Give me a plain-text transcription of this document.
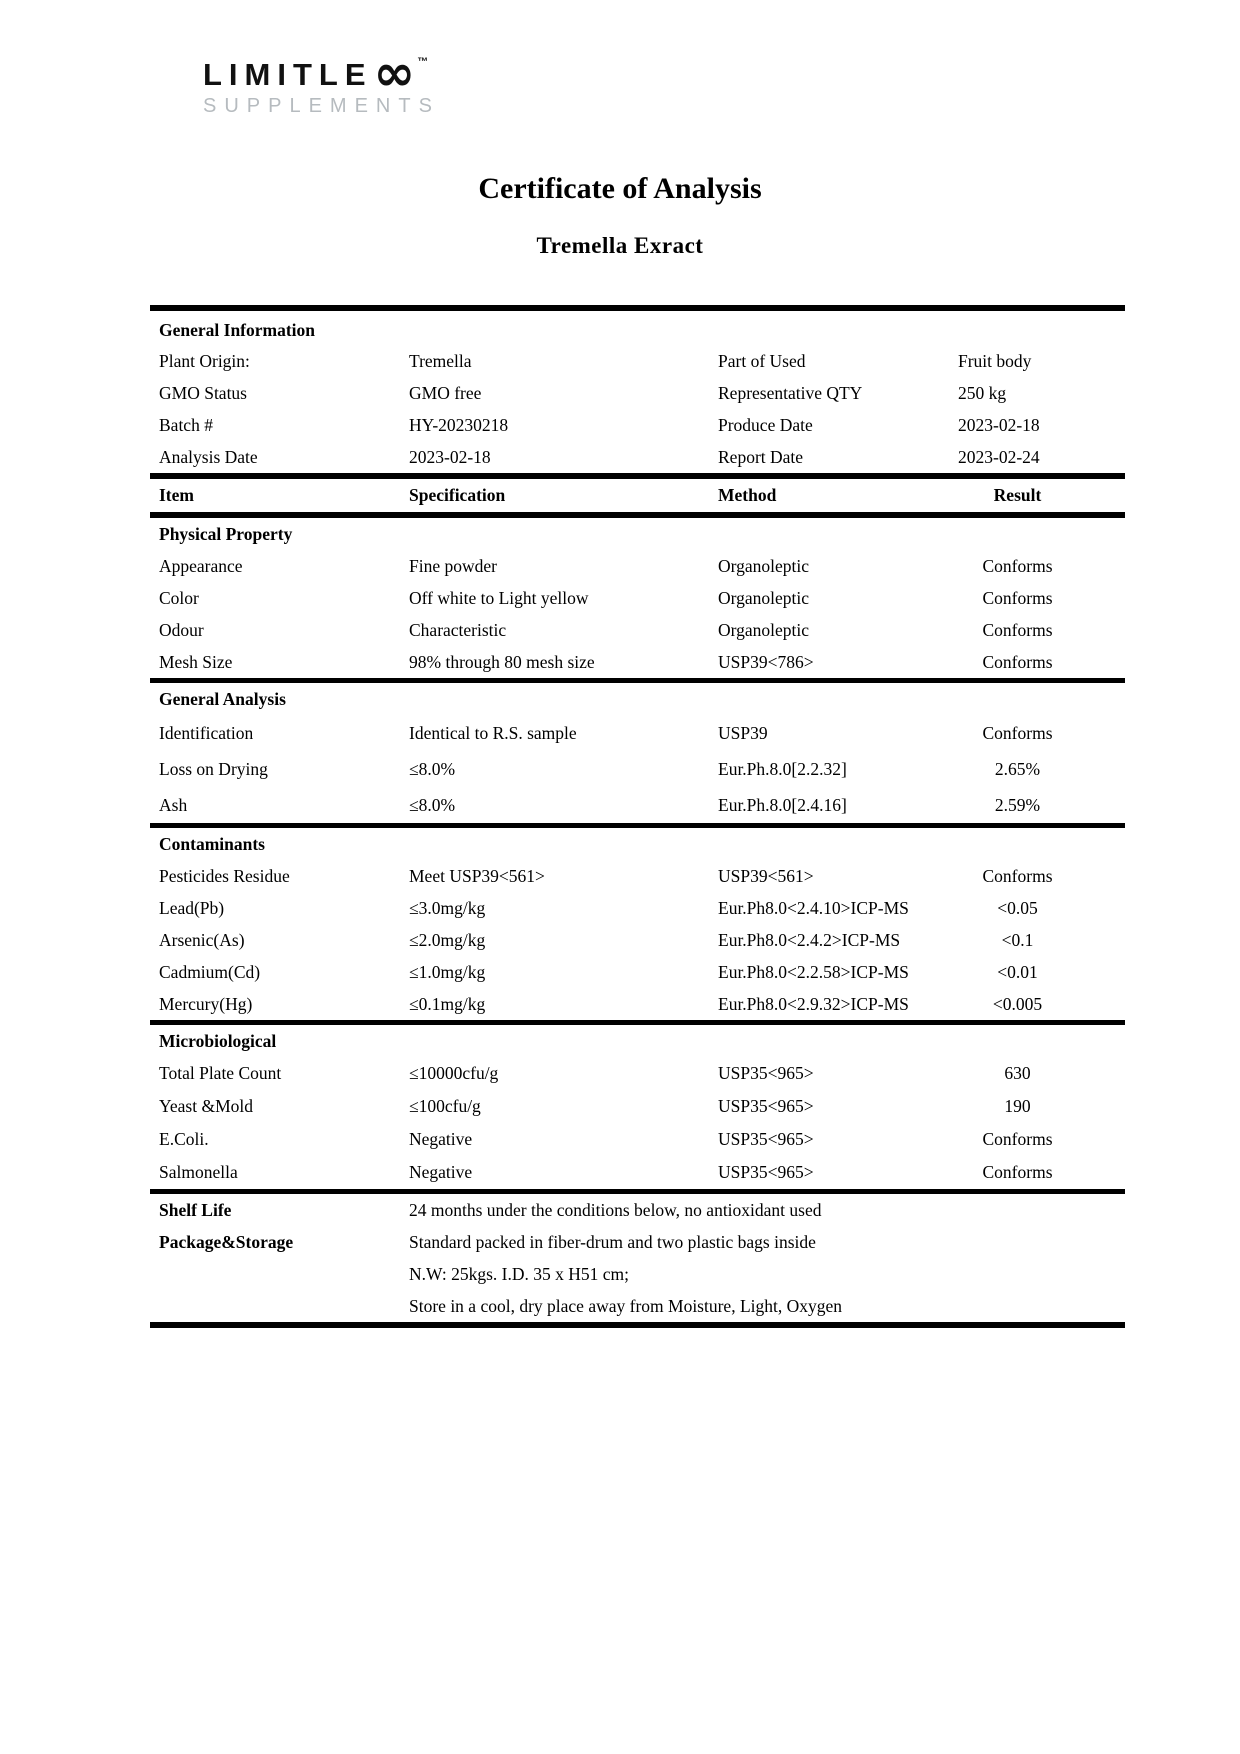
LIMITLE ∞ ™
SUPPLEMENTS
Certificate of Analysis
Tremella Exract
General Information
Plant Origin:	Tremella	Part of Used	Fruit body
GMO Status	GMO free	Representative QTY	250 kg
Batch #	HY-20230218	Produce Date	2023-02-18
Analysis Date	2023-02-18	Report Date	2023-02-24
Item	Specification	Method	Result
Physical Property
Appearance	Fine powder	Organoleptic	Conforms
Color	Off white to Light yellow	Organoleptic	Conforms
Odour	Characteristic	Organoleptic	Conforms
Mesh Size	98% through 80 mesh size	USP39<786>	Conforms
General Analysis
Identification	Identical to R.S. sample	USP39	Conforms
Loss on Drying	≤8.0%	Eur.Ph.8.0[2.2.32]	2.65%
Ash	≤8.0%	Eur.Ph.8.0[2.4.16]	2.59%
Contaminants
Pesticides Residue	Meet USP39<561>	USP39<561>	Conforms
Lead(Pb)	≤3.0mg/kg	Eur.Ph8.0<2.4.10>ICP-MS	<0.05
Arsenic(As)	≤2.0mg/kg	Eur.Ph8.0<2.4.2>ICP-MS	<0.1
Cadmium(Cd)	≤1.0mg/kg	Eur.Ph8.0<2.2.58>ICP-MS	<0.01
Mercury(Hg)	≤0.1mg/kg	Eur.Ph8.0<2.9.32>ICP-MS	<0.005
Microbiological
Total Plate Count	≤10000cfu/g	USP35<965>	630
Yeast &Mold	≤100cfu/g	USP35<965>	190
E.Coli.	Negative	USP35<965>	Conforms
Salmonella	Negative	USP35<965>	Conforms
Shelf Life	24 months under the conditions below, no antioxidant used
Package&Storage	Standard packed in fiber-drum and two plastic bags inside
N.W: 25kgs. I.D. 35 x H51 cm;
Store in a cool, dry place away from Moisture, Light, Oxygen
